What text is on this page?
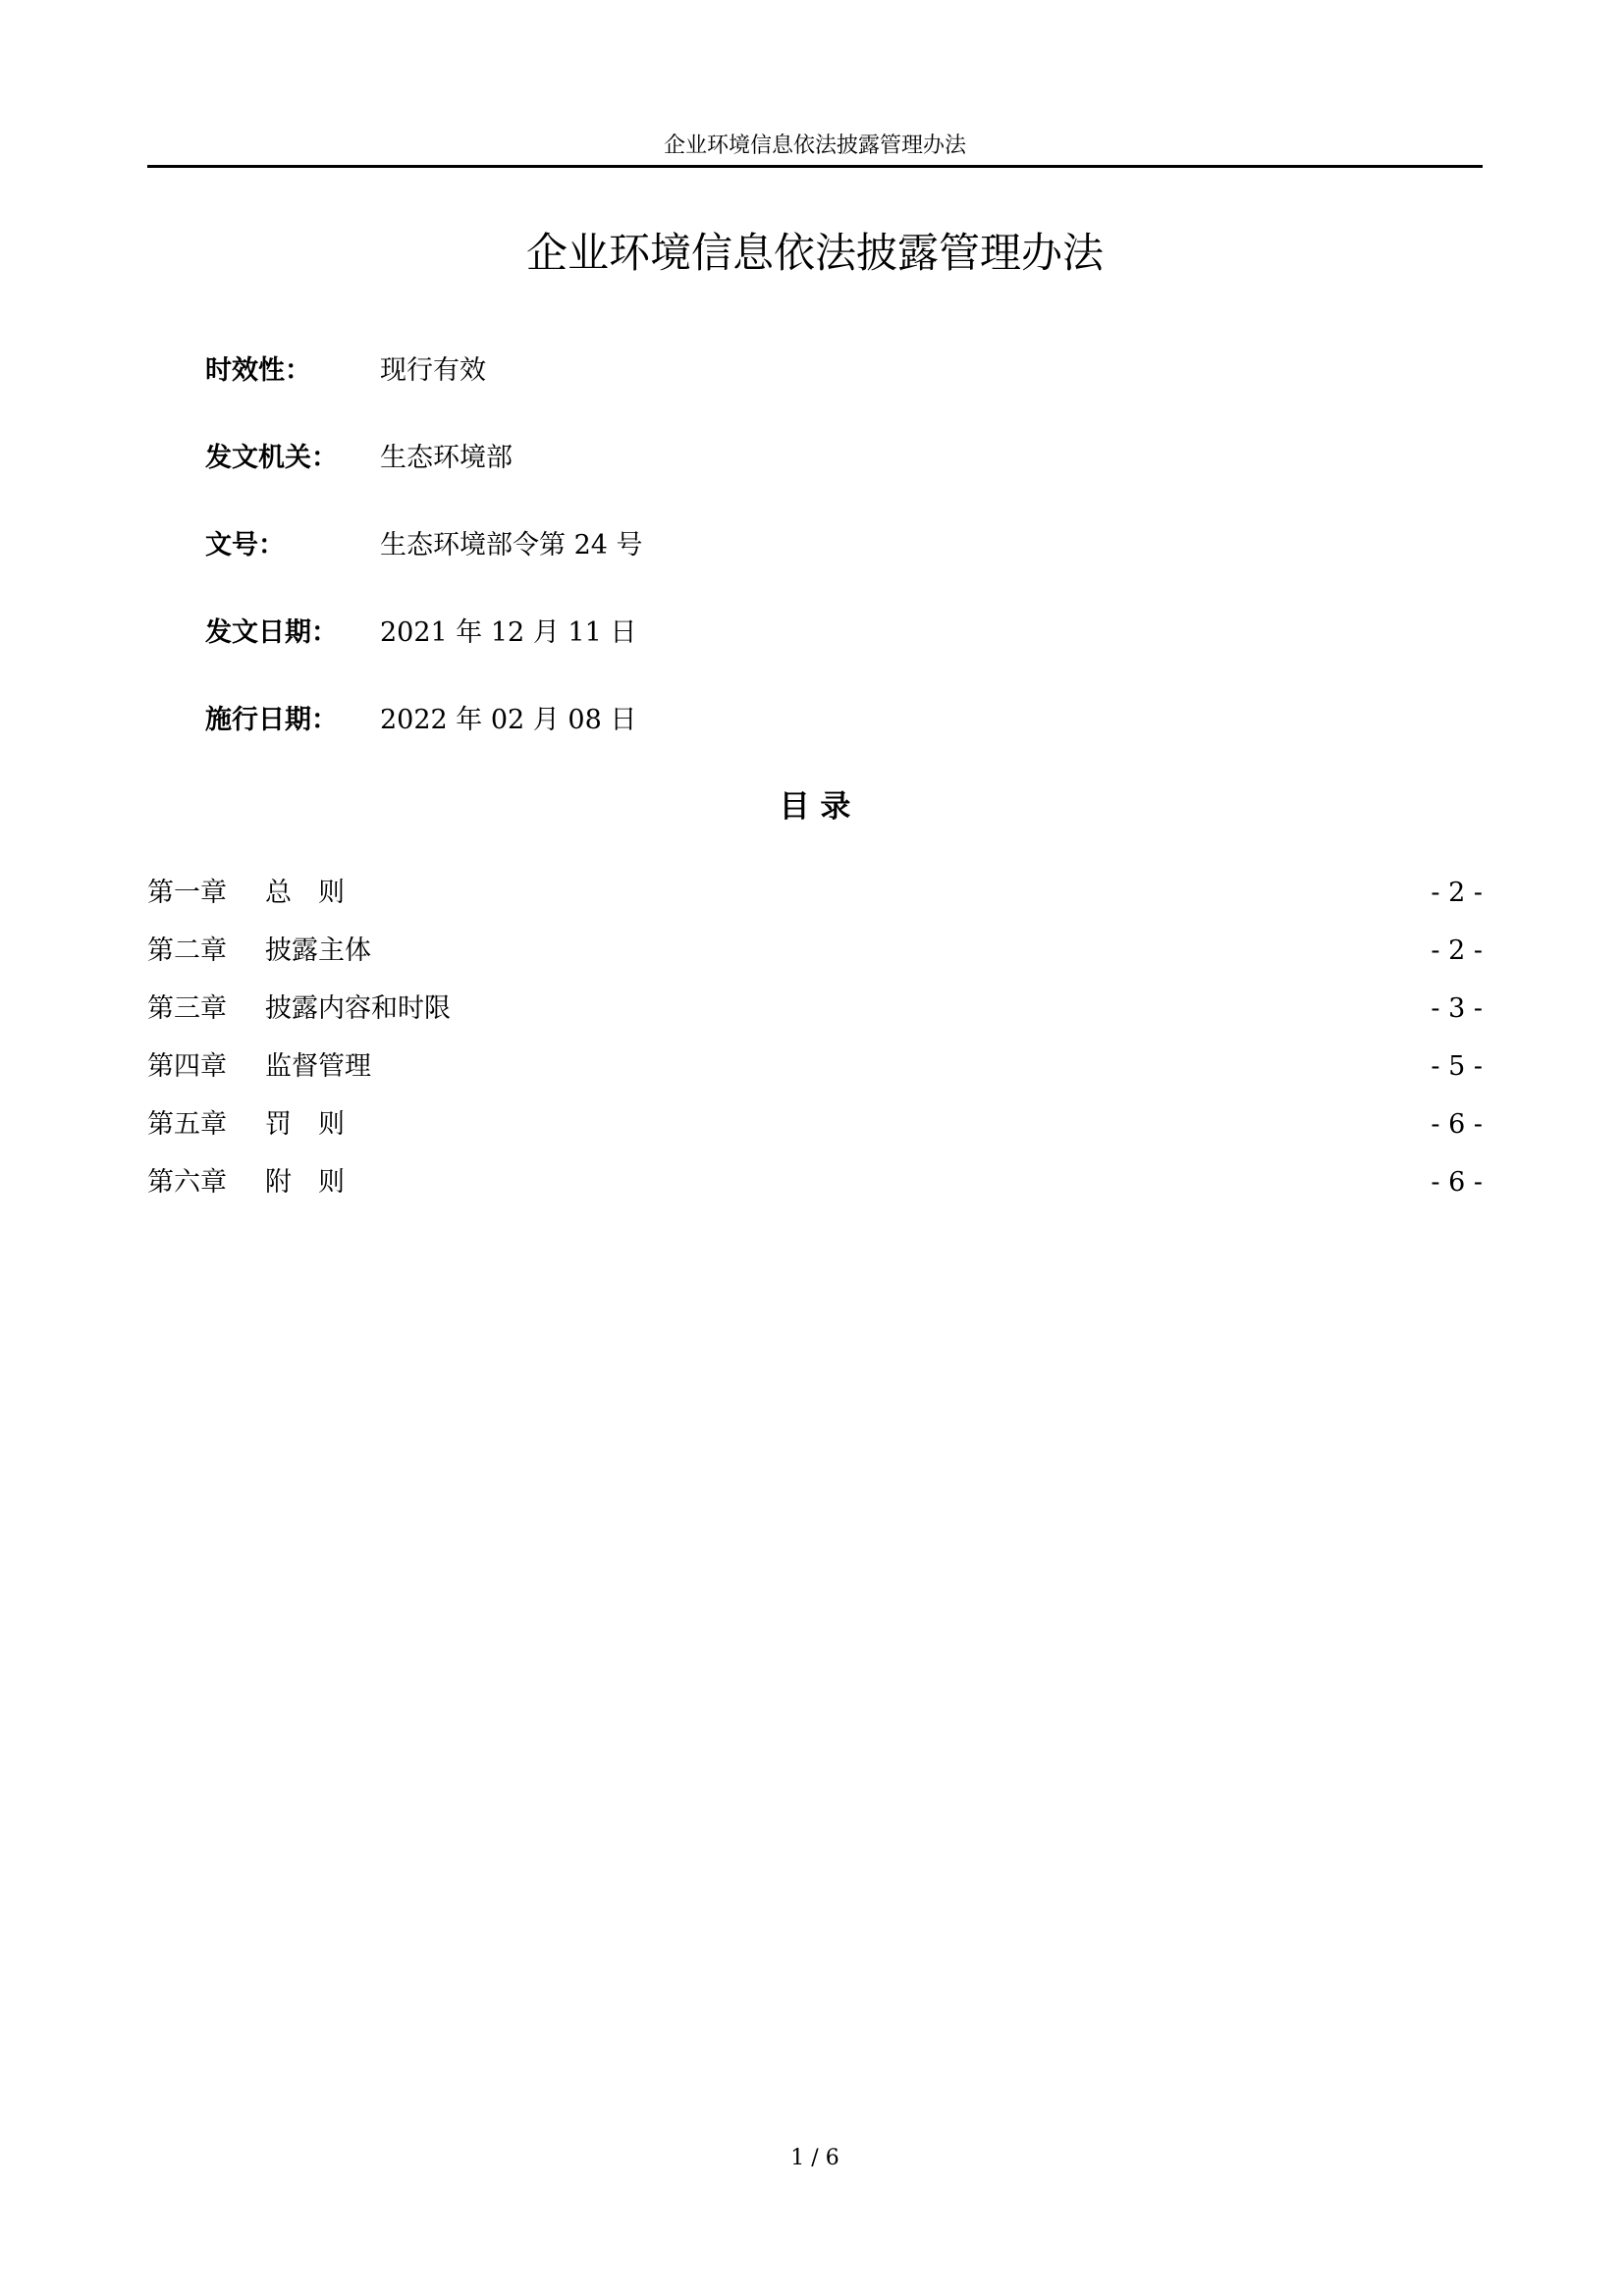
企业环境信息依法披露管理办法
企业环境信息依法披露管理办法
时效性：	现行有效
发文机关： 生态环境部
文号：	生态环境部令第 24 号
发文日期： 2021 年 12 月 11 日
施行日期： 2022 年 02 月 08 日
目 录
第一章 总　则	- 2 -
第二章 披露主体	- 2 -
第三章 披露内容和时限	- 3 -
第四章 监督管理	- 5 -
第五章 罚　则	- 6 -
第六章 附　则	- 6 -
1 / 6
